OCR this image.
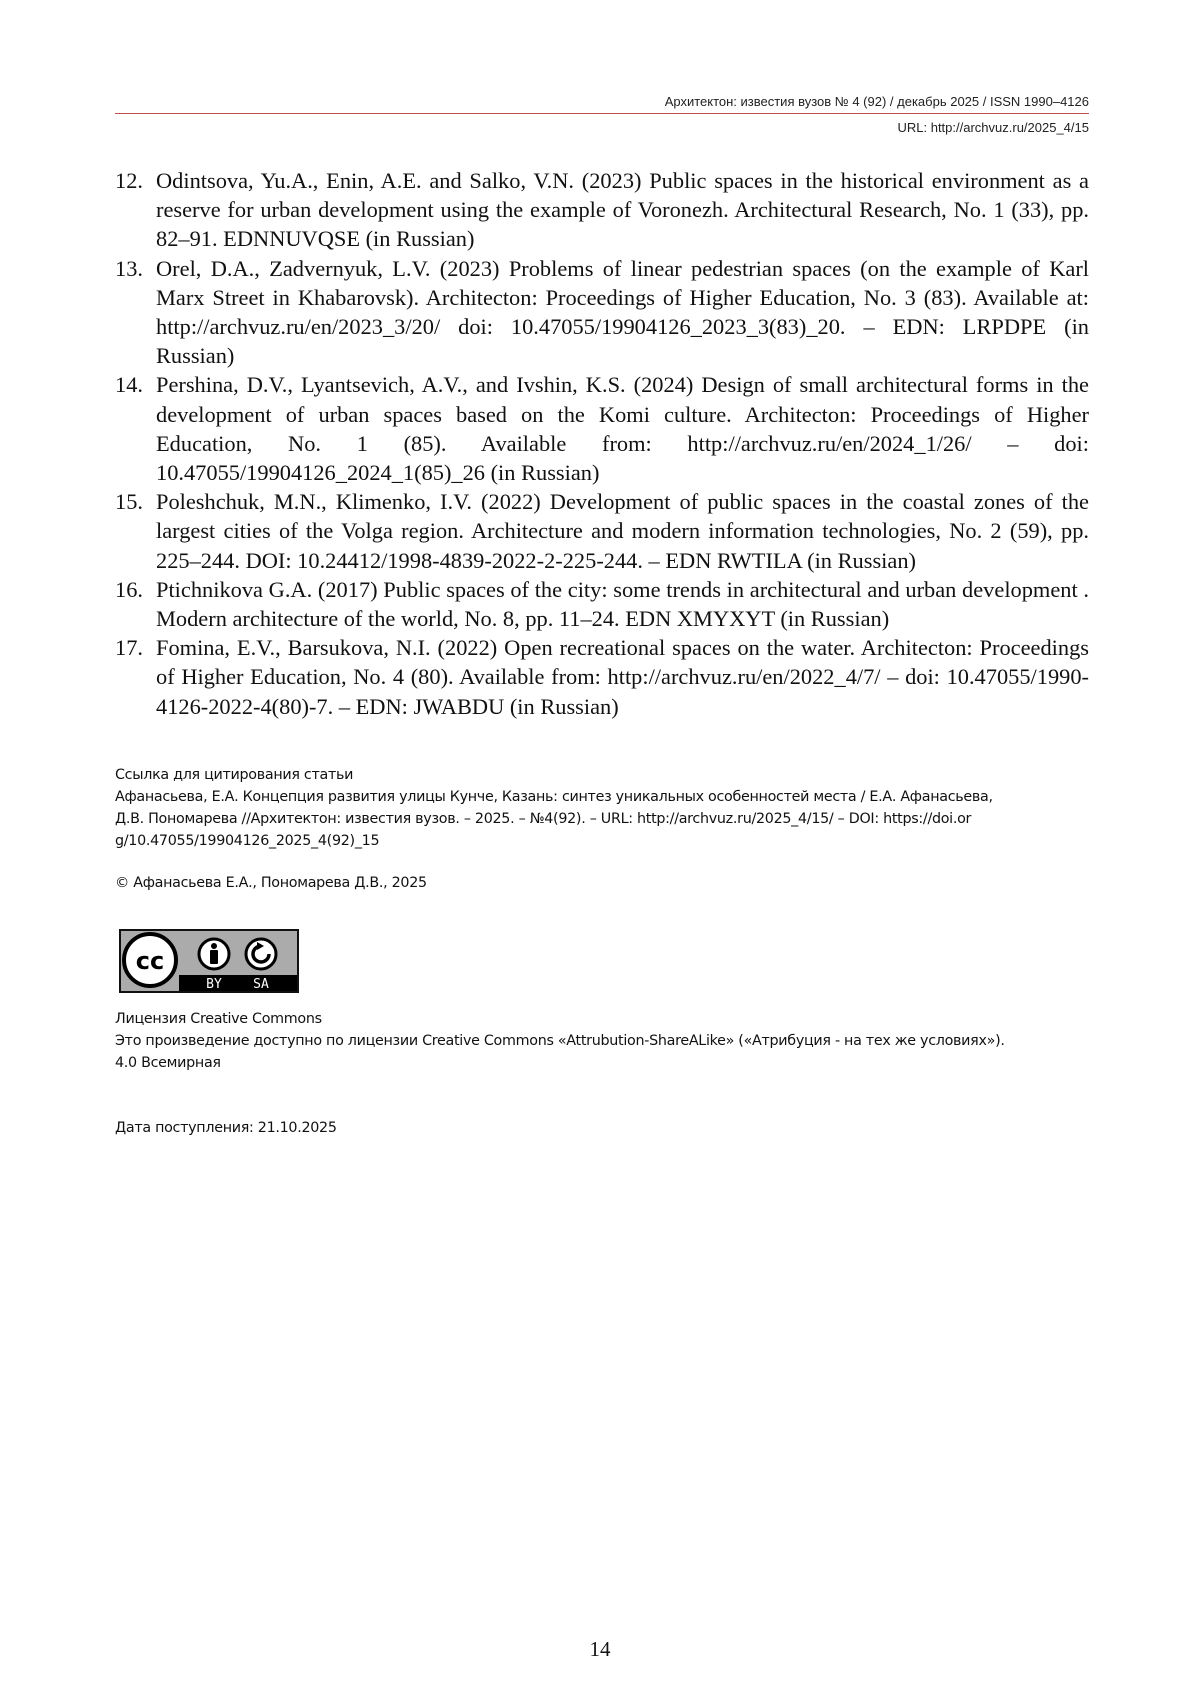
Архитектон: известия вузов № 4 (92) / декабрь 2025 / ISSN 1990–4126
URL: http://archvuz.ru/2025_4/15
12. Odintsova, Yu.A., Enin, A.E. and Salko, V.N. (2023) Public spaces in the historical environment as a reserve for urban development using the example of Voronezh. Architectural Research, No. 1 (33), pp. 82–91. EDNNUVQSE (in Russian)
13. Orel, D.A., Zadvernyuk, L.V. (2023) Problems of linear pedestrian spaces (on the example of Karl Marx Street in Khabarovsk). Architecton: Proceedings of Higher Education, No. 3 (83). Available at: http://archvuz.ru/en/2023_3/20/ doi: 10.47055/19904126_2023_3(83)_20. – EDN: LRPDPE (in Russian)
14. Pershina, D.V., Lyantsevich, A.V., and Ivshin, K.S. (2024) Design of small architectural forms in the development of urban spaces based on the Komi culture. Architecton: Proceedings of Higher Education, No. 1 (85). Available from: http://archvuz.ru/en/2024_1/26/ – doi: 10.47055/19904126_2024_1(85)_26 (in Russian)
15. Poleshchuk, M.N., Klimenko, I.V. (2022) Development of public spaces in the coastal zones of the largest cities of the Volga region. Architecture and modern information technologies, No. 2 (59), pp. 225–244. DOI: 10.24412/1998-4839-2022-2-225-244. – EDN RWTILA (in Russian)
16. Ptichnikova G.A. (2017) Public spaces of the city: some trends in architectural and urban development . Modern architecture of the world, No. 8, pp. 11–24. EDN XMYXYT (in Russian)
17. Fomina, E.V., Barsukova, N.I. (2022) Open recreational spaces on the water. Architecton: Proceedings of Higher Education, No. 4 (80). Available from: http://archvuz.ru/en/2022_4/7/ – doi: 10.47055/1990-4126-2022-4(80)-7. – EDN: JWABDU (in Russian)
Ссылка для цитирования статьи
Афанасьева, Е.А. Концепция развития улицы Кунче, Казань: синтез уникальных особенностей места / Е.А. Афанасьева,
Д.В. Пономарева //Архитектон: известия вузов. – 2025. – №4(92). – URL: http://archvuz.ru/2025_4/15/ – DOI: https://doi.or
g/10.47055/19904126_2025_4(92)_15
© Афанасьева Е.А., Пономарева Д.В., 2025
cc
BY SA
Лицензия Creative Commons
Это произведение доступно по лицензии Creative Commons «Attrubution-ShareALike» («Атрибуция - на тех же условиях»).
4.0 Всемирная
Дата поступления: 21.10.2025
14
